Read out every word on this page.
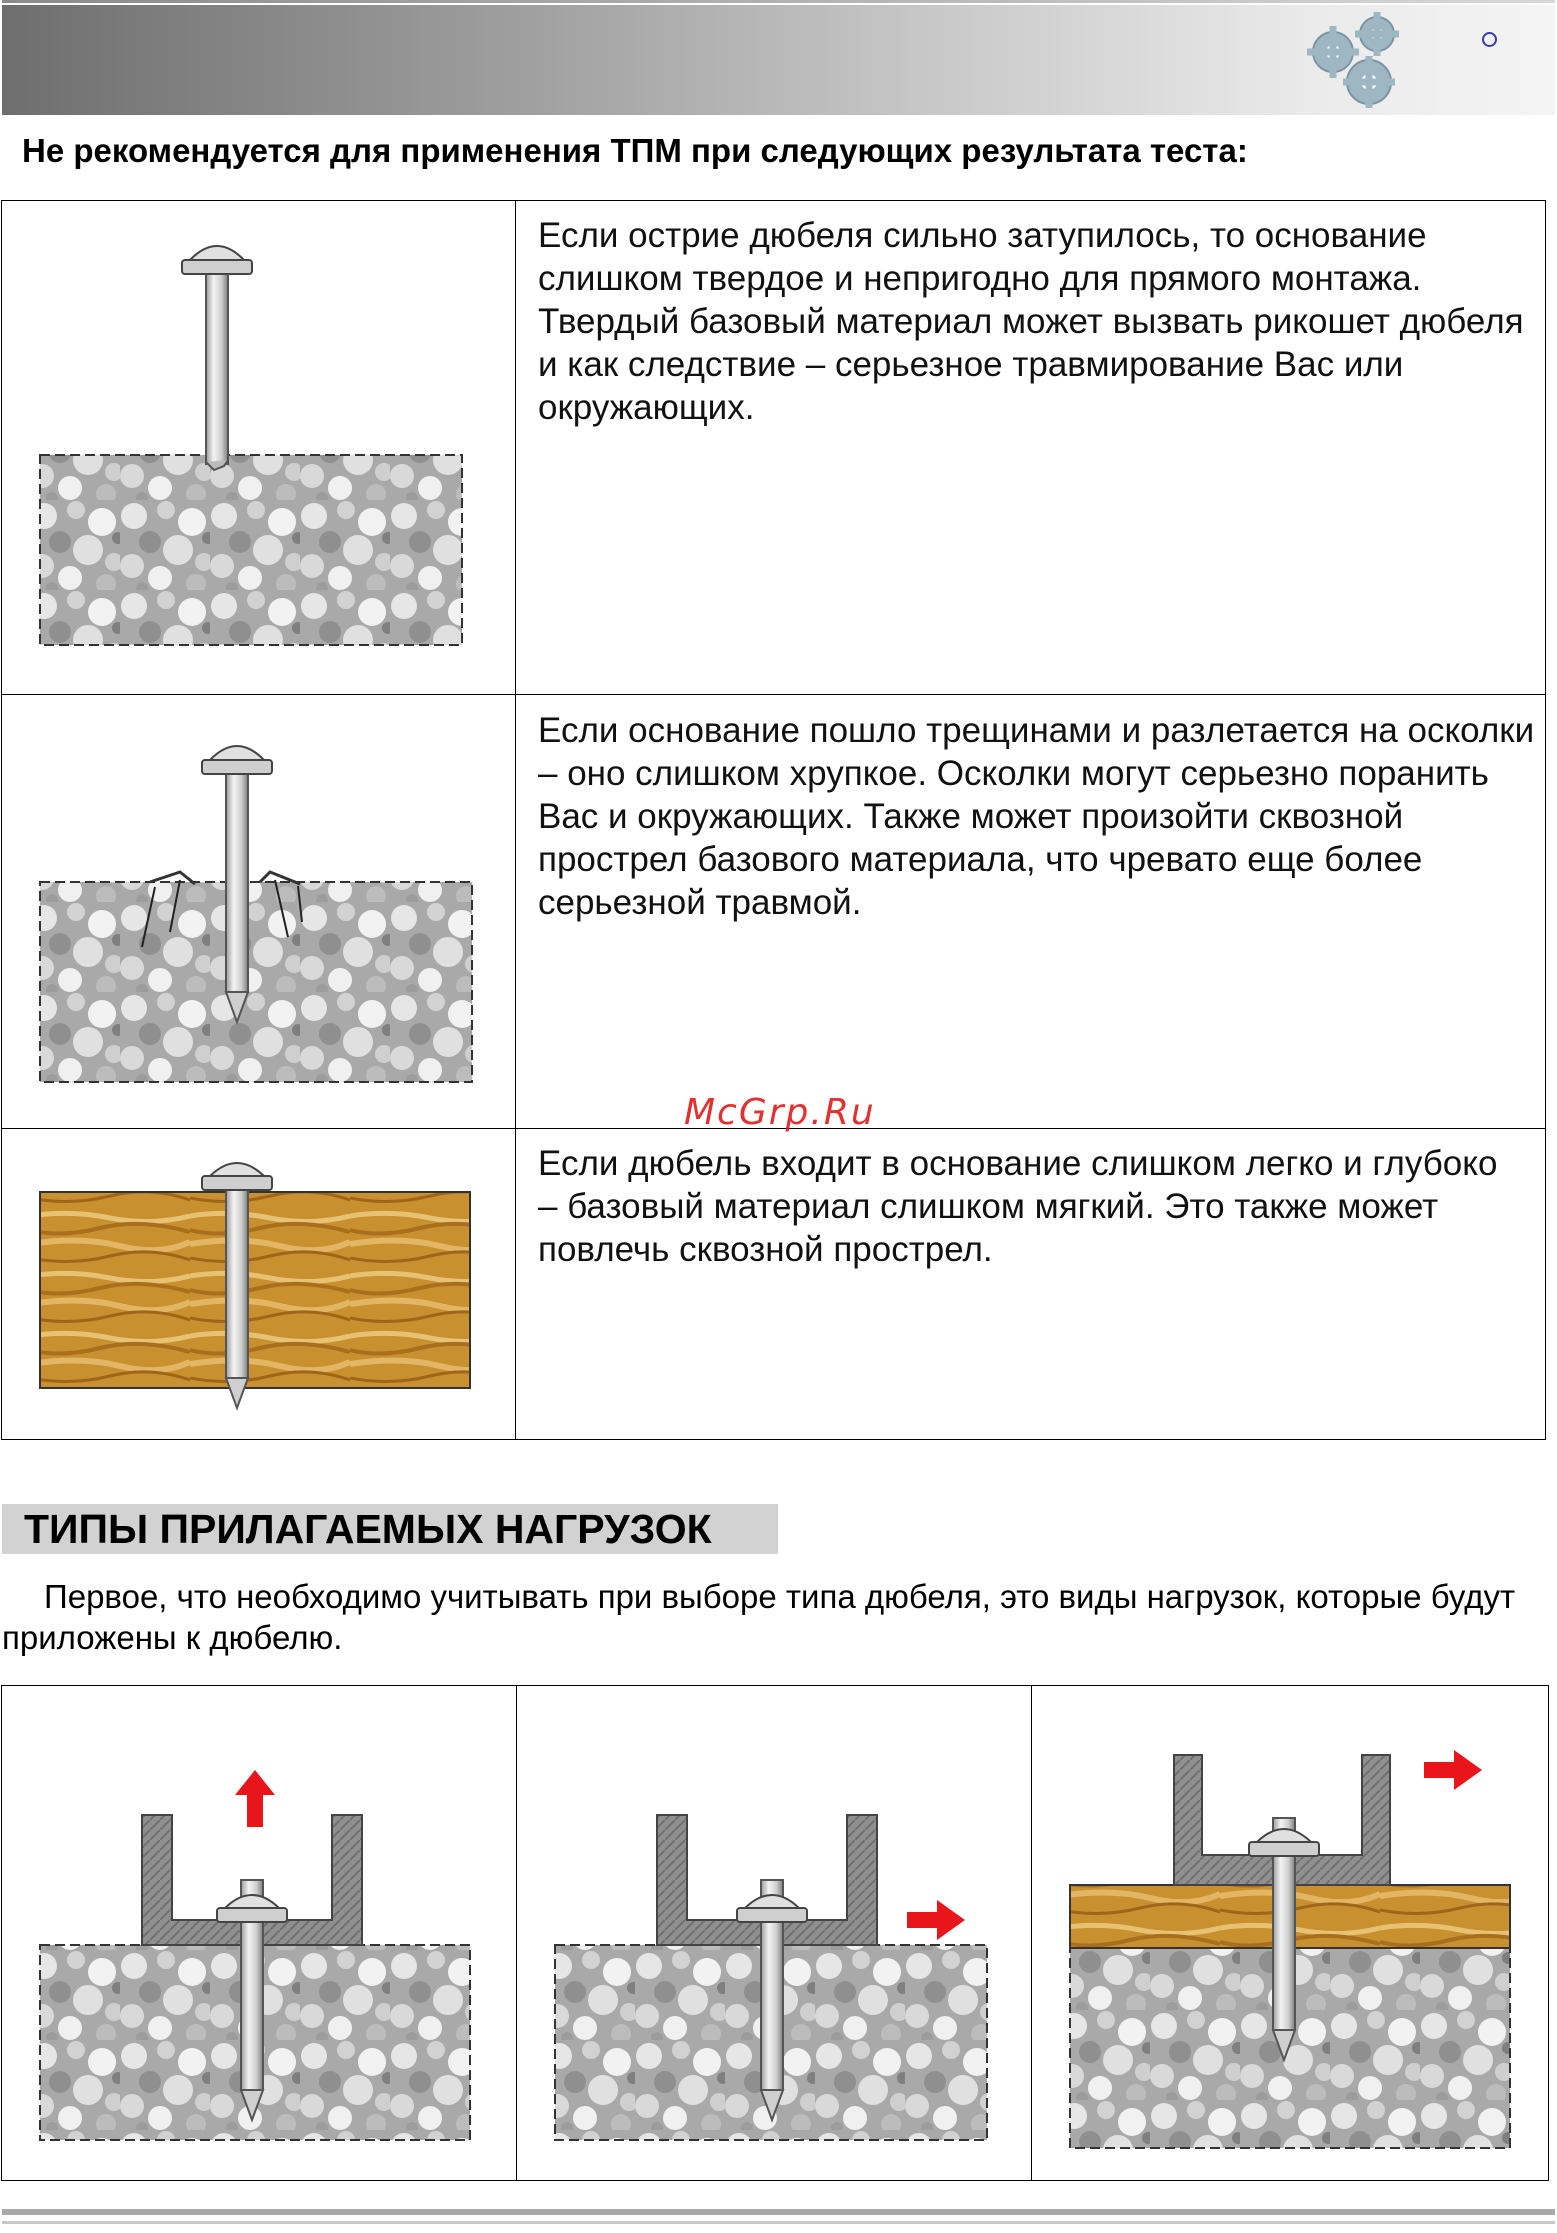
Не рекомендуется для применения ТПМ при следующих результата теста:
Если острие дюбеля сильно затупилось, то основание слишком твердое и непригодно для прямого монтажа. Твердый базовый материал может вызвать рикошет дюбеля и как следствие – серьезное травмирование Вас или окружающих.
Если основание пошло трещинами и разлетается на осколки – оно слишком хрупкое. Осколки могут серьезно поранить Вас и окружающих. Также может произойти сквозной прострел базового материала, что чревато еще более серьезной травмой.
Если дюбель входит в основание слишком легко и глубоко – базовый материал слишком мягкий. Это также может повлечь сквозной прострел.
McGrp.Ru
ТИПЫ ПРИЛАГАЕМЫХ НАГРУЗОК
Первое, что необходимо учитывать при выборе типа дюбеля, это виды нагрузок, которые будут приложены к дюбелю.
